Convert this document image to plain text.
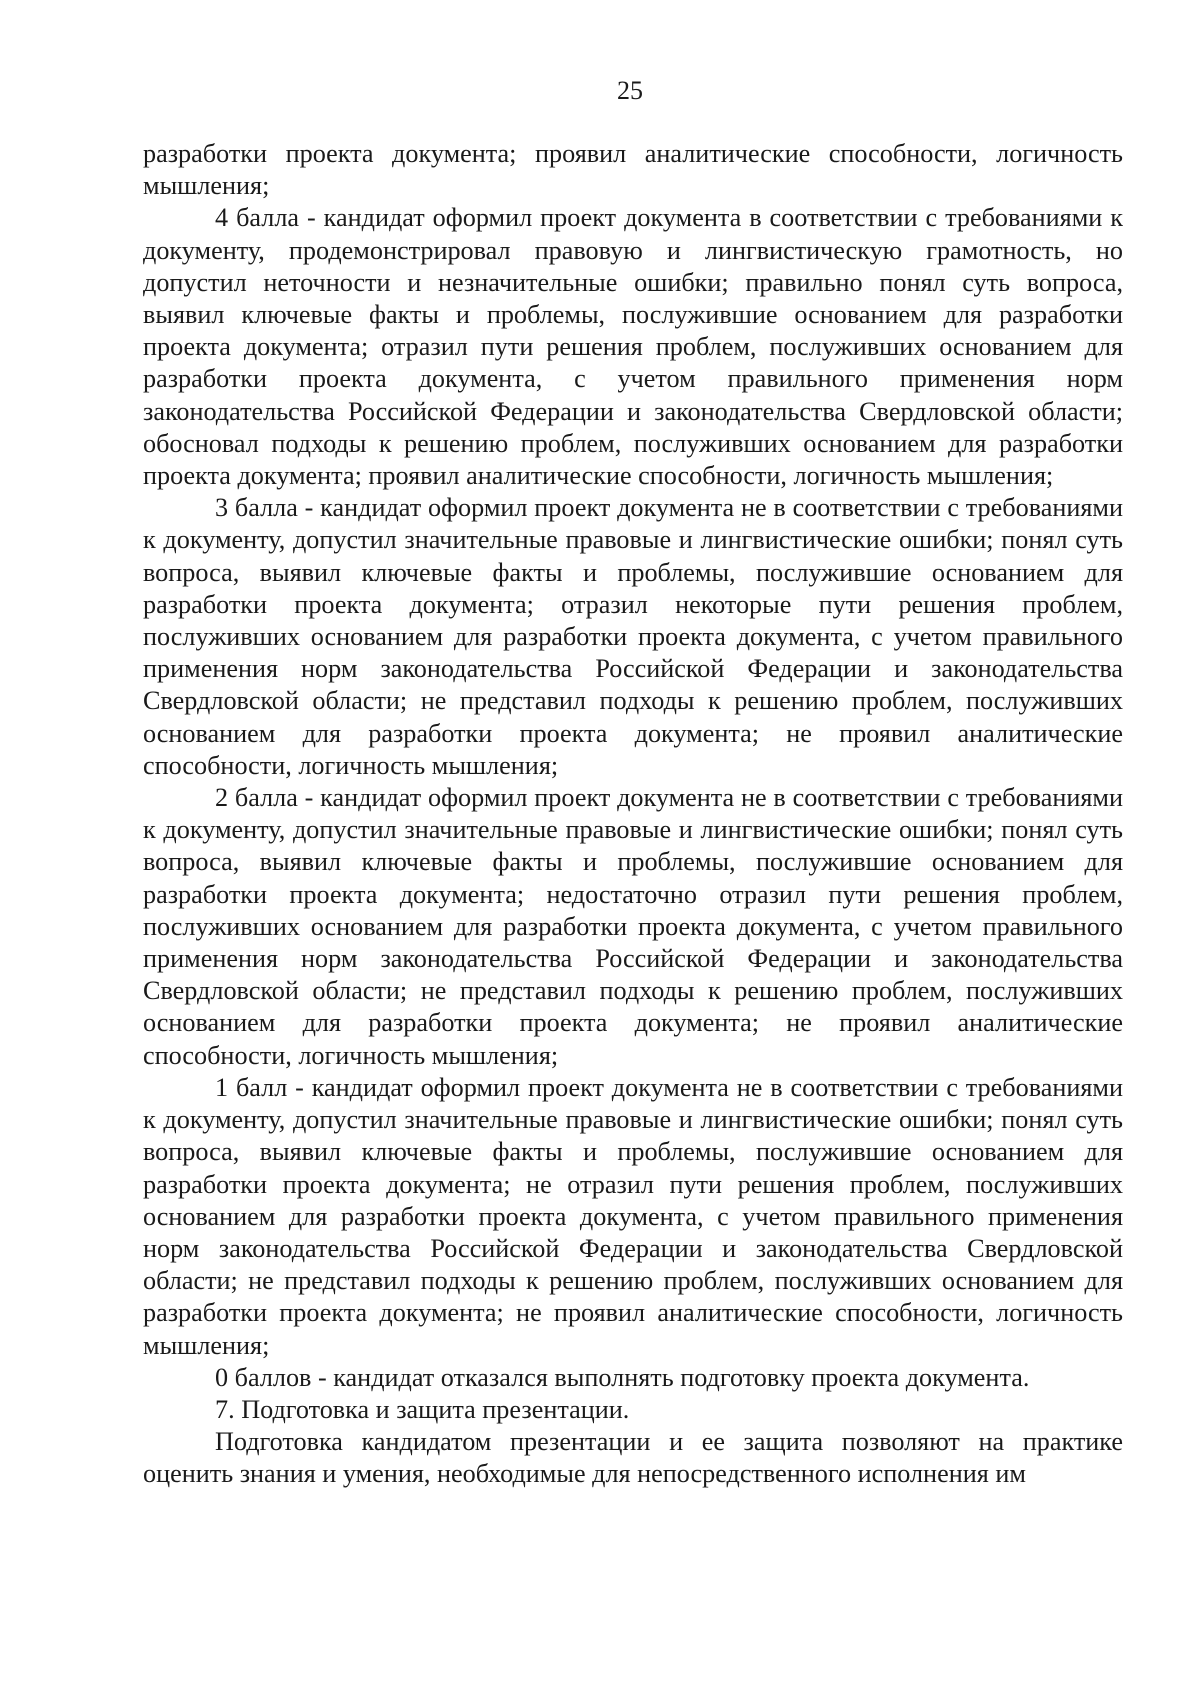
25

разработки проекта документа; проявил аналитические способности, логичность мышления;

4 балла - кандидат оформил проект документа в соответствии с требованиями к документу, продемонстрировал правовую и лингвистическую грамотность, но допустил неточности и незначительные ошибки; правильно понял суть вопроса, выявил ключевые факты и проблемы, послужившие основанием для разработки проекта документа; отразил пути решения проблем, послуживших основанием для разработки проекта документа, с учетом правильного применения норм законодательства Российской Федерации и законодательства Свердловской области; обосновал подходы к решению проблем, послуживших основанием для разработки проекта документа; проявил аналитические способности, логичность мышления;

3 балла - кандидат оформил проект документа не в соответствии с требованиями к документу, допустил значительные правовые и лингвистические ошибки; понял суть вопроса, выявил ключевые факты и проблемы, послужившие основанием для разработки проекта документа; отразил некоторые пути решения проблем, послуживших основанием для разработки проекта документа, с учетом правильного применения норм законодательства Российской Федерации и законодательства Свердловской области; не представил подходы к решению проблем, послуживших основанием для разработки проекта документа; не проявил аналитические способности, логичность мышления;

2 балла - кандидат оформил проект документа не в соответствии с требованиями к документу, допустил значительные правовые и лингвистические ошибки; понял суть вопроса, выявил ключевые факты и проблемы, послужившие основанием для разработки проекта документа; недостаточно отразил пути решения проблем, послуживших основанием для разработки проекта документа, с учетом правильного применения норм законодательства Российской Федерации и законодательства Свердловской области; не представил подходы к решению проблем, послуживших основанием для разработки проекта документа; не проявил аналитические способности, логичность мышления;

1 балл - кандидат оформил проект документа не в соответствии с требованиями к документу, допустил значительные правовые и лингвистические ошибки; понял суть вопроса, выявил ключевые факты и проблемы, послужившие основанием для разработки проекта документа; не отразил пути решения проблем, послуживших основанием для разработки проекта документа, с учетом правильного применения норм законодательства Российской Федерации и законодательства Свердловской области; не представил подходы к решению проблем, послуживших основанием для разработки проекта документа; не проявил аналитические способности, логичность мышления;

0 баллов - кандидат отказался выполнять подготовку проекта документа.

7. Подготовка и защита презентации.

Подготовка кандидатом презентации и ее защита позволяют на практике оценить знания и умения, необходимые для непосредственного исполнения им
